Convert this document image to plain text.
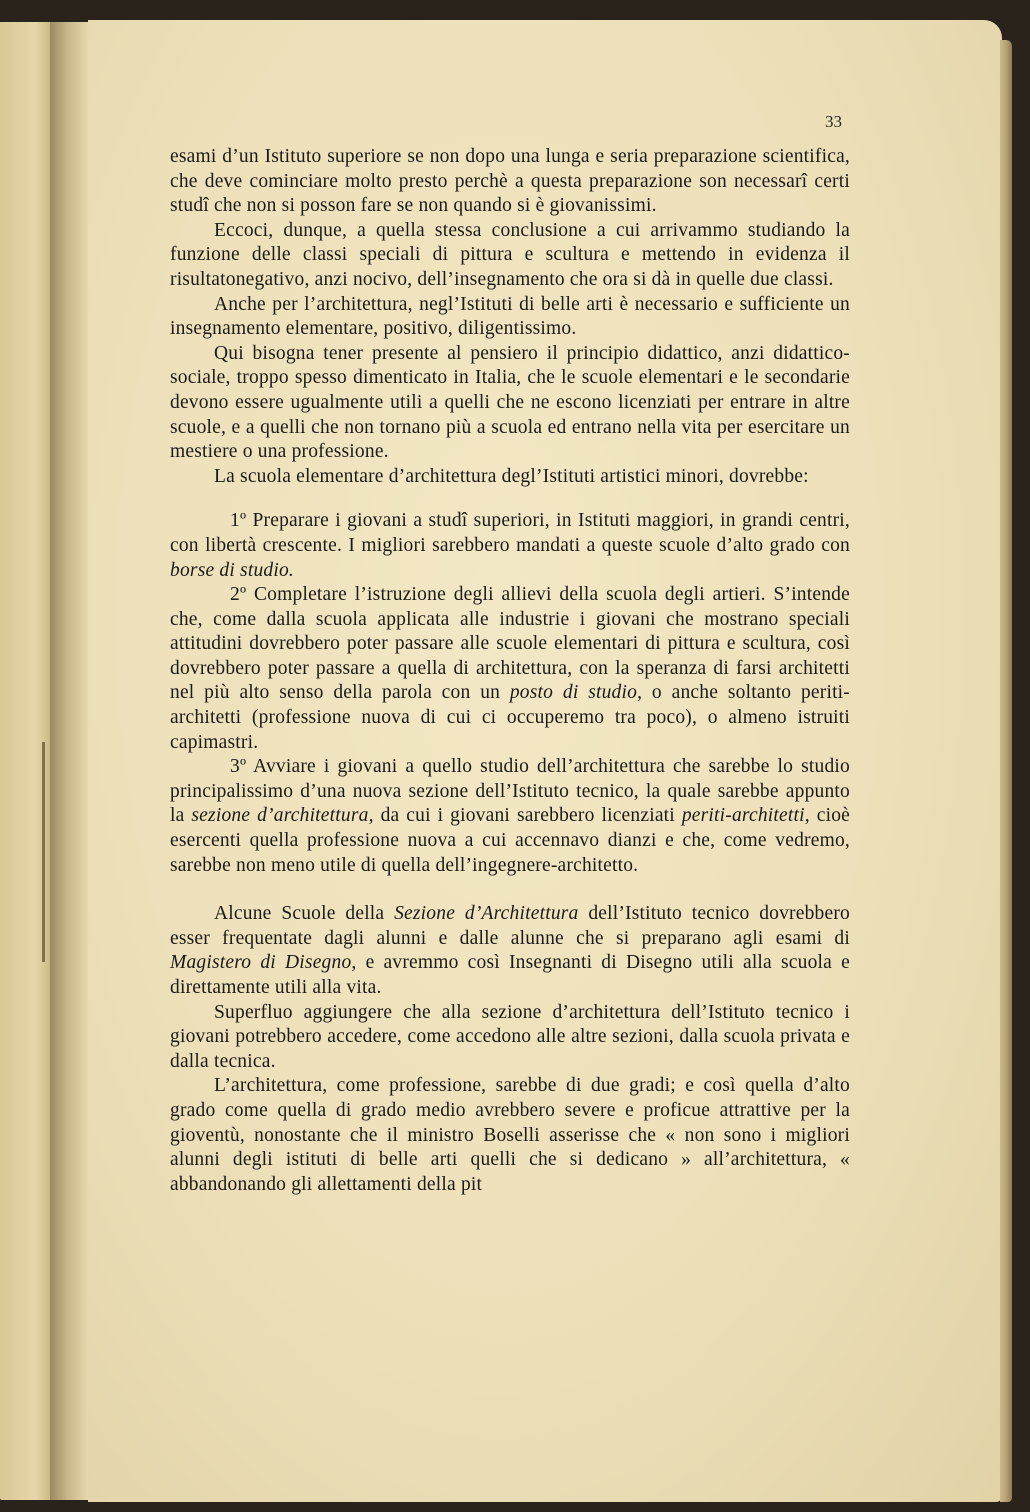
33

esami d’un Istituto superiore se non dopo una lunga e seria preparazione scientifica, che deve cominciare molto presto perchè a questa preparazione son necessarî certi studî che non si posson fare se non quando si è giovanissimi.

Eccoci, dunque, a quella stessa conclusione a cui arrivammo studiando la funzione delle classi speciali di pittura e scultura e mettendo in evidenza il risultatonegativo, anzi nocivo, dell’insegnamento che ora si dà in quelle due classi.

Anche per l’architettura, negl’Istituti di belle arti è necessario e sufficiente un insegnamento elementare, positivo, diligentissimo.

Qui bisogna tener presente al pensiero il principio didattico, anzi didattico-sociale, troppo spesso dimenticato in Italia, che le scuole elementari e le secondarie devono essere ugualmente utili a quelli che ne escono licenziati per entrare in altre scuole, e a quelli che non tornano più a scuola ed entrano nella vita per esercitare un mestiere o una professione.

La scuola elementare d’architettura degl’Istituti artistici minori, dovrebbe:

1º Preparare i giovani a studî superiori, in Istituti maggiori, in grandi centri, con libertà crescente. I migliori sarebbero mandati a queste scuole d’alto grado con borse di studio.

2º Completare l’istruzione degli allievi della scuola degli artieri. S’intende che, come dalla scuola applicata alle industrie i giovani che mostrano speciali attitudini dovrebbero poter passare alle scuole elementari di pittura e scultura, così dovrebbero poter passare a quella di architettura, con la speranza di farsi architetti nel più alto senso della parola con un posto di studio, o anche soltanto periti-architetti (professione nuova di cui ci occuperemo tra poco), o almeno istruiti capimastri.

3º Avviare i giovani a quello studio dell’architettura che sarebbe lo studio principalissimo d’una nuova sezione dell’Istituto tecnico, la quale sarebbe appunto la sezione d’architettura, da cui i giovani sarebbero licenziati periti-architetti, cioè esercenti quella professione nuova a cui accennavo dianzi e che, come vedremo, sarebbe non meno utile di quella dell’ingegnere-architetto.

Alcune Scuole della Sezione d’Architettura dell’Istituto tecnico dovrebbero esser frequentate dagli alunni e dalle alunne che si preparano agli esami di Magistero di Disegno, e avremmo così Insegnanti di Disegno utili alla scuola e direttamente utili alla vita.

Superfluo aggiungere che alla sezione d’architettura dell’Istituto tecnico i giovani potrebbero accedere, come accedono alle altre sezioni, dalla scuola privata e dalla tecnica.

L’architettura, come professione, sarebbe di due gradi; e così quella d’alto grado come quella di grado medio avrebbero severe e proficue attrattive per la gioventù, nonostante che il ministro Boselli asserisse che « non sono i migliori alunni degli istituti di belle arti quelli che si dedicano » all’architettura, « abbandonando gli allettamenti della pit
